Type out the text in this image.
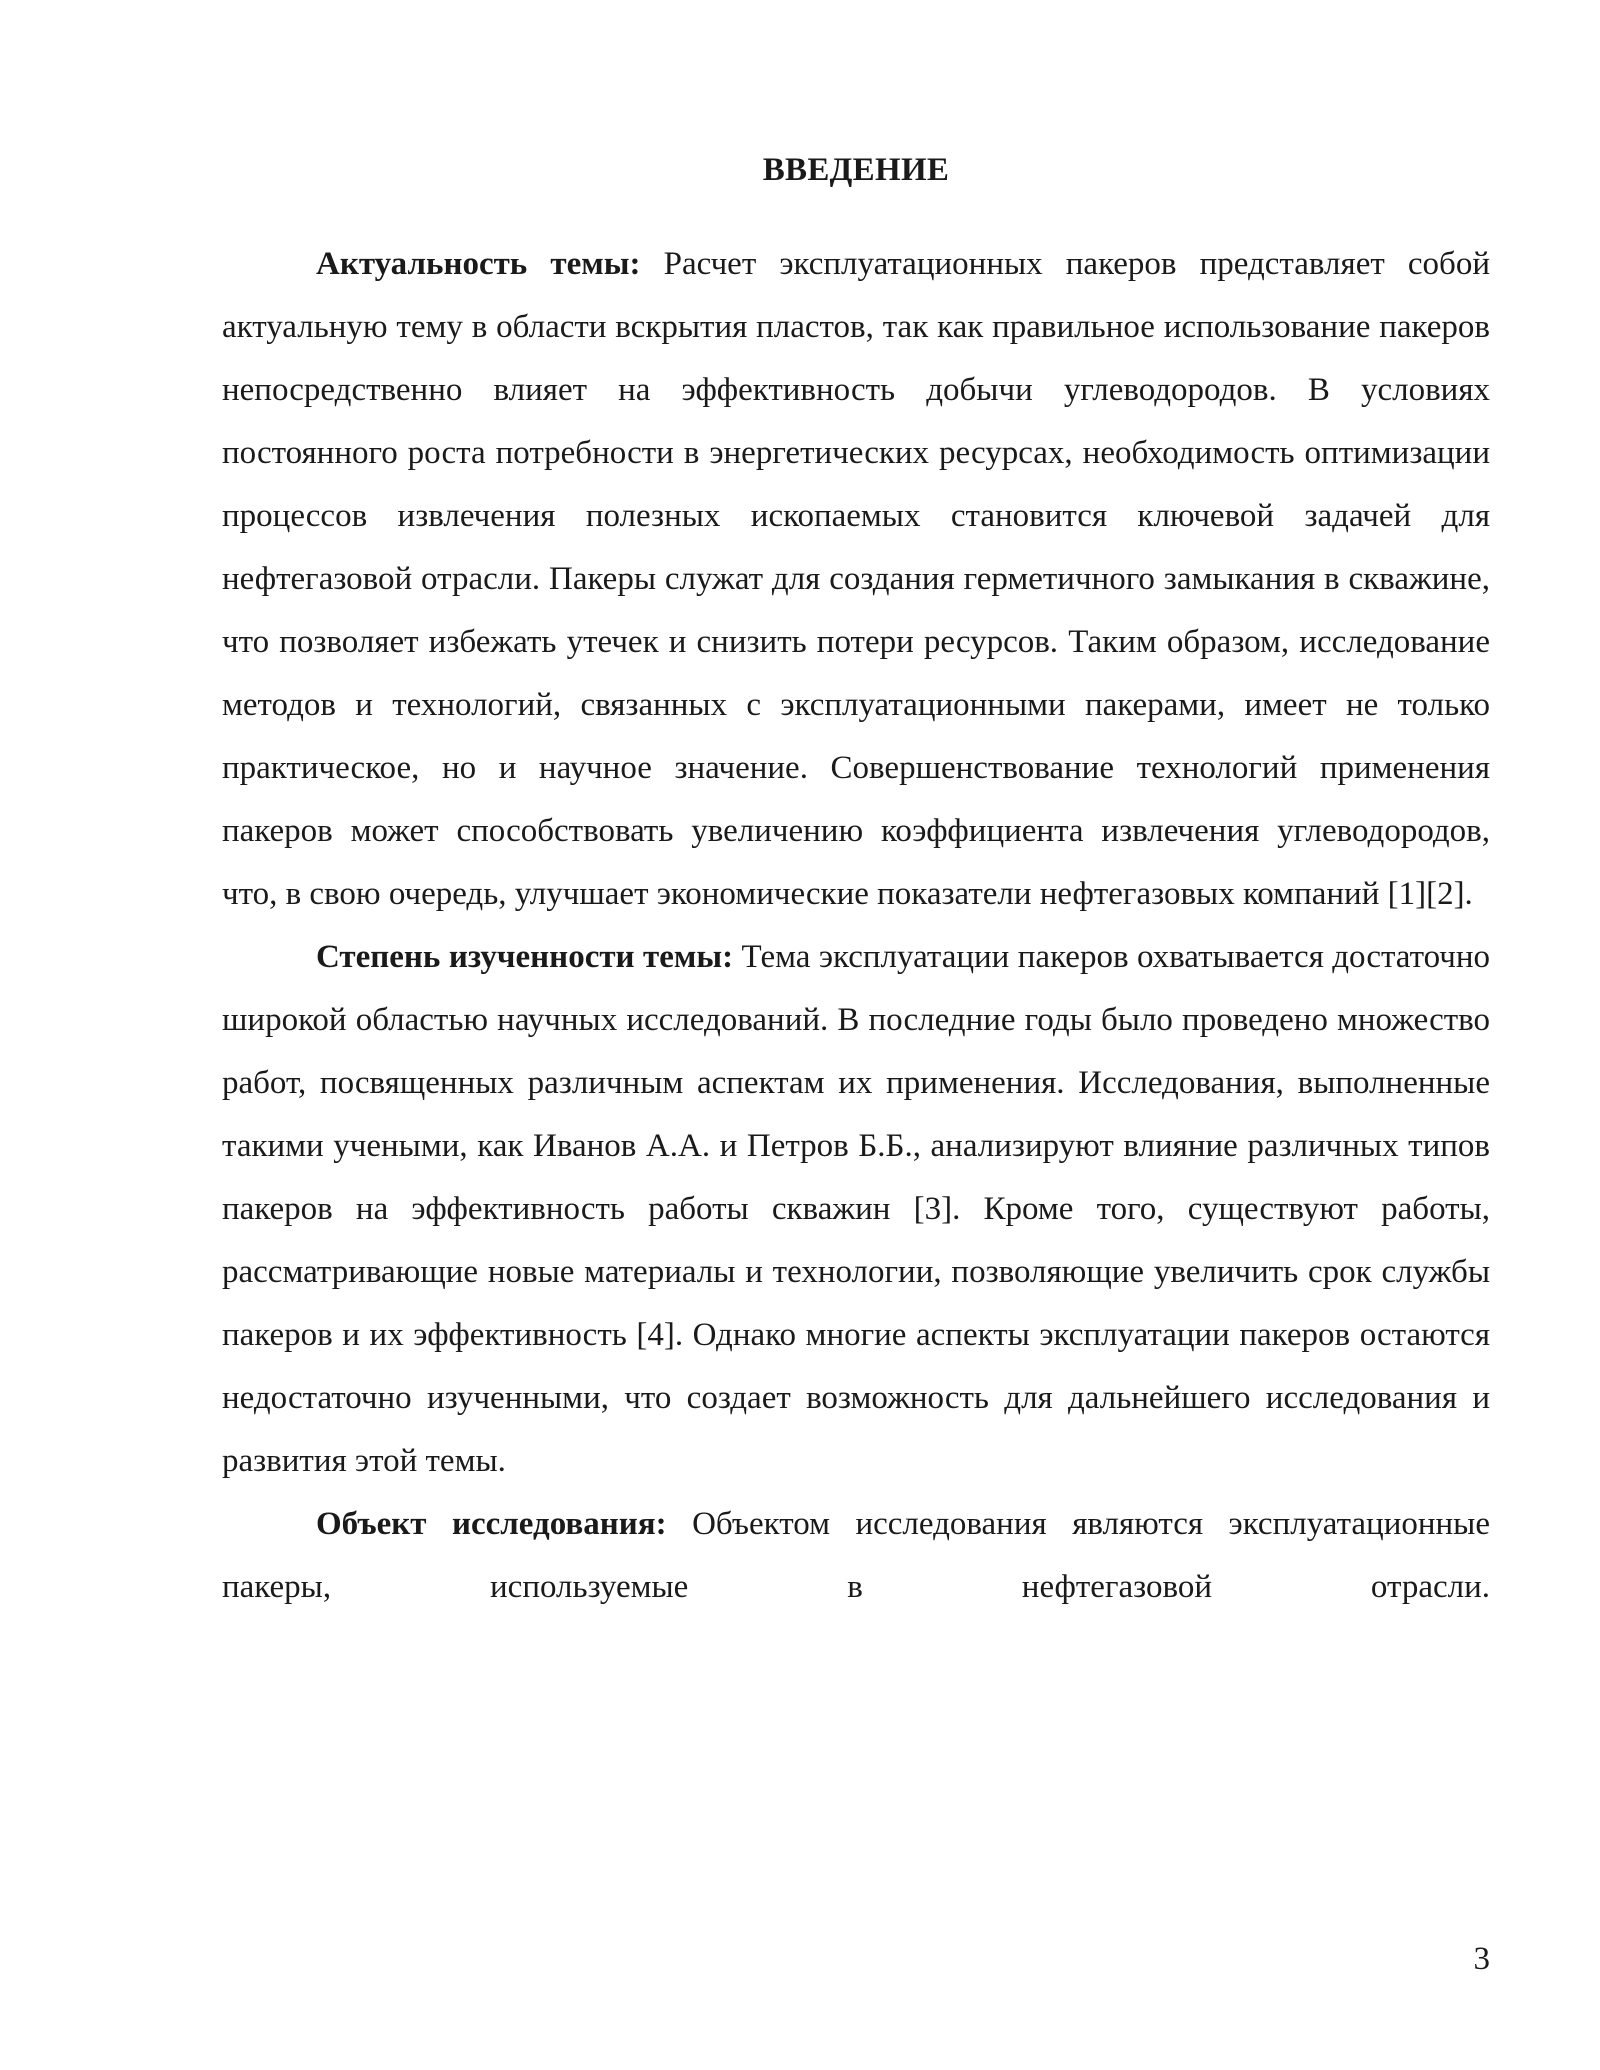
ВВЕДЕНИЕ

Актуальность темы: Расчет эксплуатационных пакеров представляет собой актуальную тему в области вскрытия пластов, так как правильное использование пакеров непосредственно влияет на эффективность добычи углеводородов. В условиях постоянного роста потребности в энергетических ресурсах, необходимость оптимизации процессов извлечения полезных ископаемых становится ключевой задачей для нефтегазовой отрасли. Пакеры служат для создания герметичного замыкания в скважине, что позволяет избежать утечек и снизить потери ресурсов. Таким образом, исследование методов и технологий, связанных с эксплуатационными пакерами, имеет не только практическое, но и научное значение. Совершенствование технологий применения пакеров может способствовать увеличению коэффициента извлечения углеводородов, что, в свою очередь, улучшает экономические показатели нефтегазовых компаний [1][2].

Степень изученности темы: Тема эксплуатации пакеров охватывается достаточно широкой областью научных исследований. В последние годы было проведено множество работ, посвященных различным аспектам их применения. Исследования, выполненные такими учеными, как Иванов А.А. и Петров Б.Б., анализируют влияние различных типов пакеров на эффективность работы скважин [3]. Кроме того, существуют работы, рассматривающие новые материалы и технологии, позволяющие увеличить срок службы пакеров и их эффективность [4]. Однако многие аспекты эксплуатации пакеров остаются недостаточно изученными, что создает возможность для дальнейшего исследования и развития этой темы.

Объект исследования: Объектом исследования являются эксплуатационные пакеры, используемые в нефтегазовой отрасли.

3
